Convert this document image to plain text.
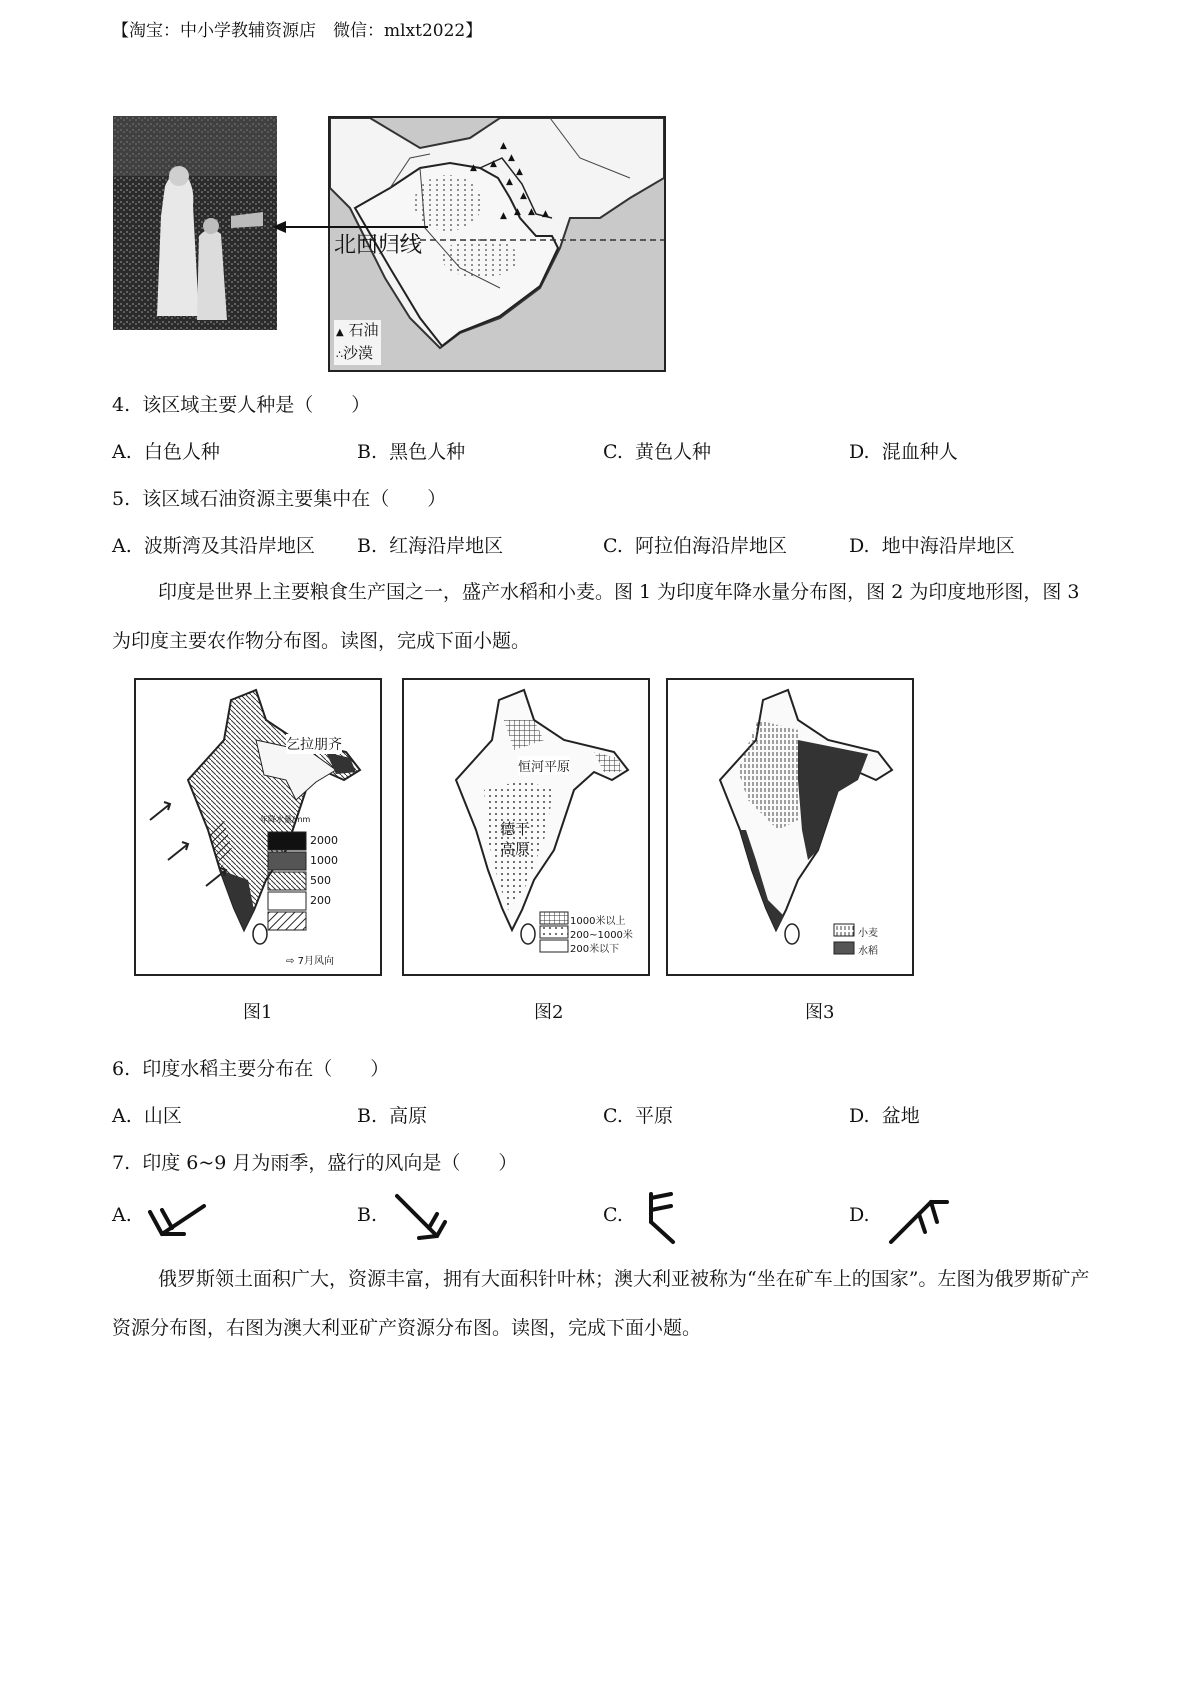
【淘宝：中小学教辅资源店　微信：mlxt2022】
▲
▲
▲
▲
▲
▲
▲
▲ ▲
▲
▲
北回归线
▲ 石油
∴沙漠
4. 该区域主要人种是（　　）
A. 白色人种	B. 黑色人种	C. 黄色人种	D. 混血种人
5. 该区域石油资源主要集中在（　　）
A. 波斯湾及其沿岸地区 B. 红海沿岸地区	C. 阿拉伯海沿岸地区	D. 地中海沿岸地区
印度是世界上主要粮食生产国之一，盛产水稻和小麦。图 1 为印度年降水量分布图，图 2 为印度地形图，图 3 为印度主要农作物分布图。读图，完成下面小题。
乞拉朋齐
年降水量/mm
2000
1000
500
200
⇨ 7月风向
图1
恒河平原
德干
高原
1000米以上
200~1000米
200米以下
图2
小麦
水稻
图3
6. 印度水稻主要分布在（　　）
A. 山区	B. 高原	C. 平原	D. 盆地
7. 印度 6~9 月为雨季，盛行的风向是（　　）
A.	B.	C.	D.
俄罗斯领土面积广大，资源丰富，拥有大面积针叶林；澳大利亚被称为“坐在矿车上的国家”。左图为俄罗斯矿产资源分布图，右图为澳大利亚矿产资源分布图。读图，完成下面小题。
